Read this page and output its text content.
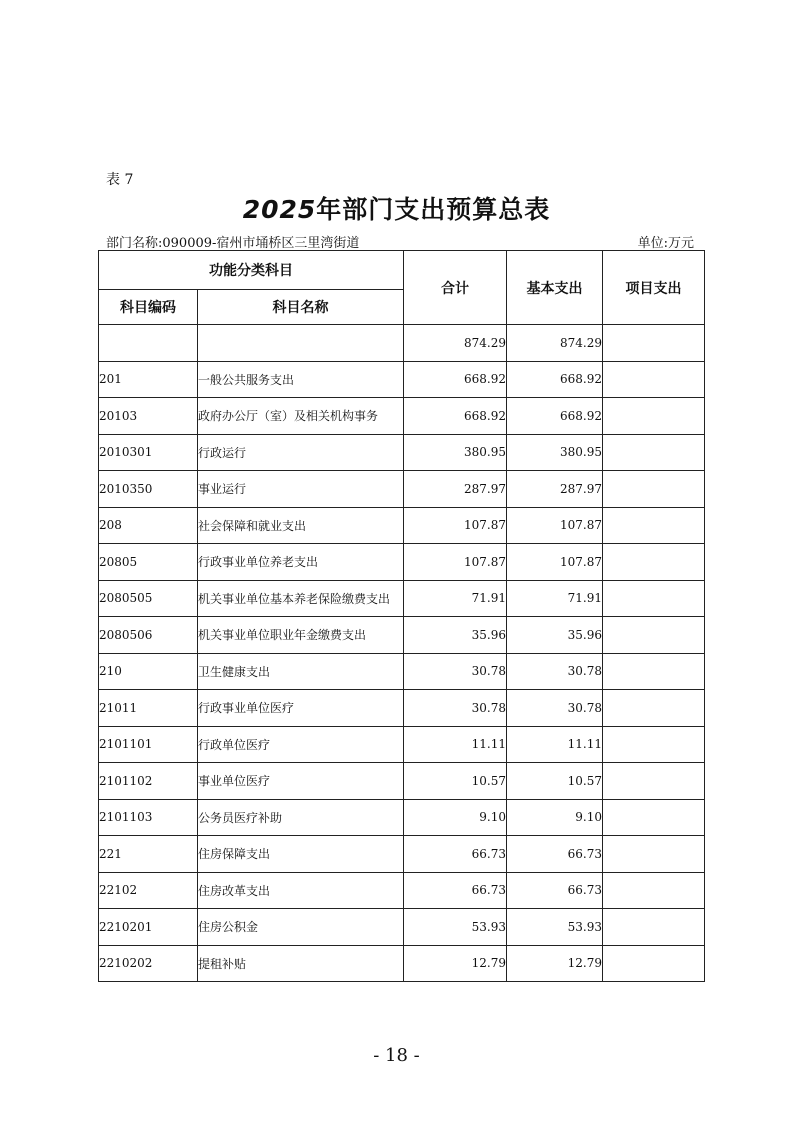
表 7
2025年部门支出预算总表
部门名称:090009-宿州市埇桥区三里湾街道	单位:万元
功能分类科目		合计	基本支出	项目支出
科目编码	科目名称			
		874.29	874.29	
201	一般公共服务支出	668.92	668.92	
20103	政府办公厅（室）及相关机构事务	668.92	668.92	
2010301	行政运行	380.95	380.95	
2010350	事业运行	287.97	287.97	
208	社会保障和就业支出	107.87	107.87	
20805	行政事业单位养老支出	107.87	107.87	
2080505	机关事业单位基本养老保险缴费支出	71.91	71.91	
2080506	机关事业单位职业年金缴费支出	35.96	35.96	
210	卫生健康支出	30.78	30.78	
21011	行政事业单位医疗	30.78	30.78	
2101101	行政单位医疗	11.11	11.11	
2101102	事业单位医疗	10.57	10.57	
2101103	公务员医疗补助	9.10	9.10	
221	住房保障支出	66.73	66.73	
22102	住房改革支出	66.73	66.73	
2210201	住房公积金	53.93	53.93	
2210202	提租补贴	12.79	12.79	
- 18 -
